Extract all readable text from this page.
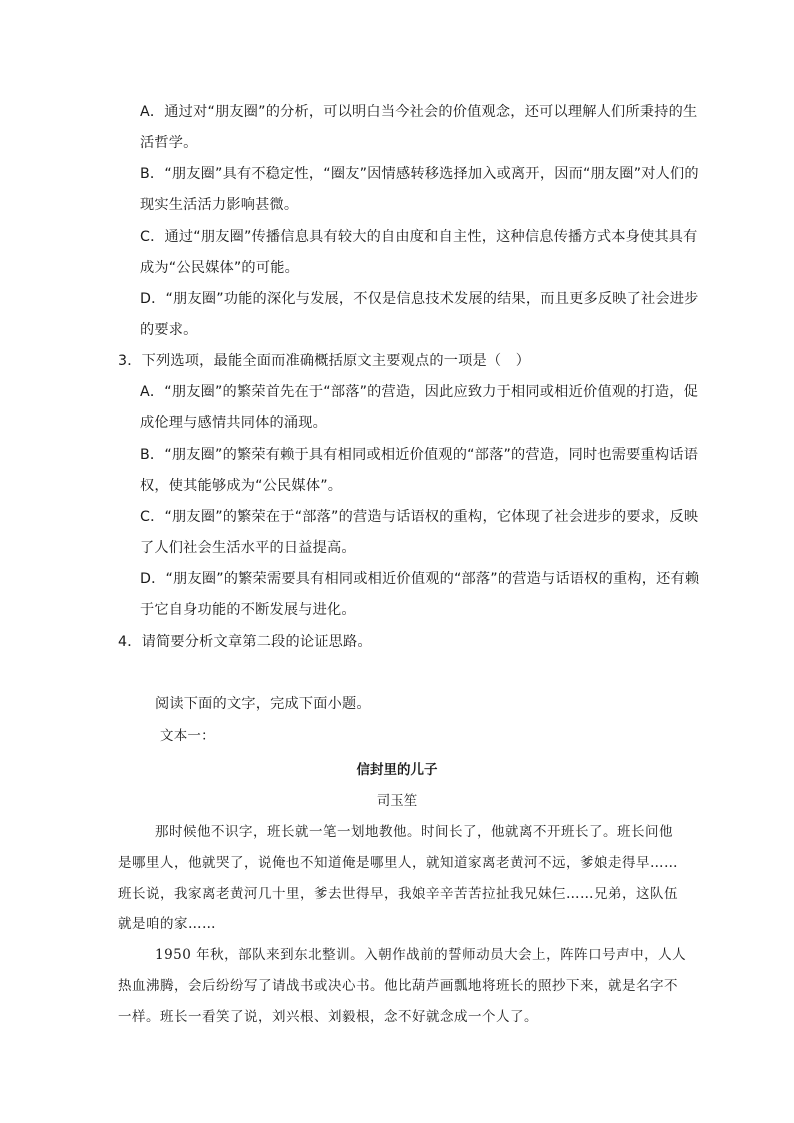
A．通过对“朋友圈”的分析，可以明白当今社会的价值观念，还可以理解人们所秉持的生
活哲学。
B．“朋友圈”具有不稳定性，“圈友”因情感转移选择加入或离开，因而“朋友圈”对人们的
现实生活活力影响甚微。
C．通过“朋友圈”传播信息具有较大的自由度和自主性，这种信息传播方式本身使其具有
成为“公民媒体”的可能。
D．“朋友圈”功能的深化与发展，不仅是信息技术发展的结果，而且更多反映了社会进步
的要求。
3．下列选项，最能全面而准确概括原文主要观点的一项是（　）
A．“朋友圈”的繁荣首先在于“部落”的营造，因此应致力于相同或相近价值观的打造，促
成伦理与感情共同体的涌现。
B．“朋友圈”的繁荣有赖于具有相同或相近价值观的“部落”的营造，同时也需要重构话语
权，使其能够成为“公民媒体”。
C．“朋友圈”的繁荣在于“部落”的营造与话语权的重构，它体现了社会进步的要求，反映
了人们社会生活水平的日益提高。
D．“朋友圈”的繁荣需要具有相同或相近价值观的“部落”的营造与话语权的重构，还有赖
于它自身功能的不断发展与进化。
4．请简要分析文章第二段的论证思路。
阅读下面的文字，完成下面小题。
文本一：
信封里的儿子
司玉笙
那时候他不识字，班长就一笔一划地教他。时间长了，他就离不开班长了。班长问他
是哪里人，他就哭了，说俺也不知道俺是哪里人，就知道家离老黄河不远，爹娘走得早……
班长说，我家离老黄河几十里，爹去世得早，我娘辛辛苦苦拉扯我兄妹仨……兄弟，这队伍
就是咱的家……
1950 年秋，部队来到东北整训。入朝作战前的誓师动员大会上，阵阵口号声中，人人
热血沸腾，会后纷纷写了请战书或决心书。他比葫芦画瓢地将班长的照抄下来，就是名字不
一样。班长一看笑了说，刘兴根、刘毅根，念不好就念成一个人了。
